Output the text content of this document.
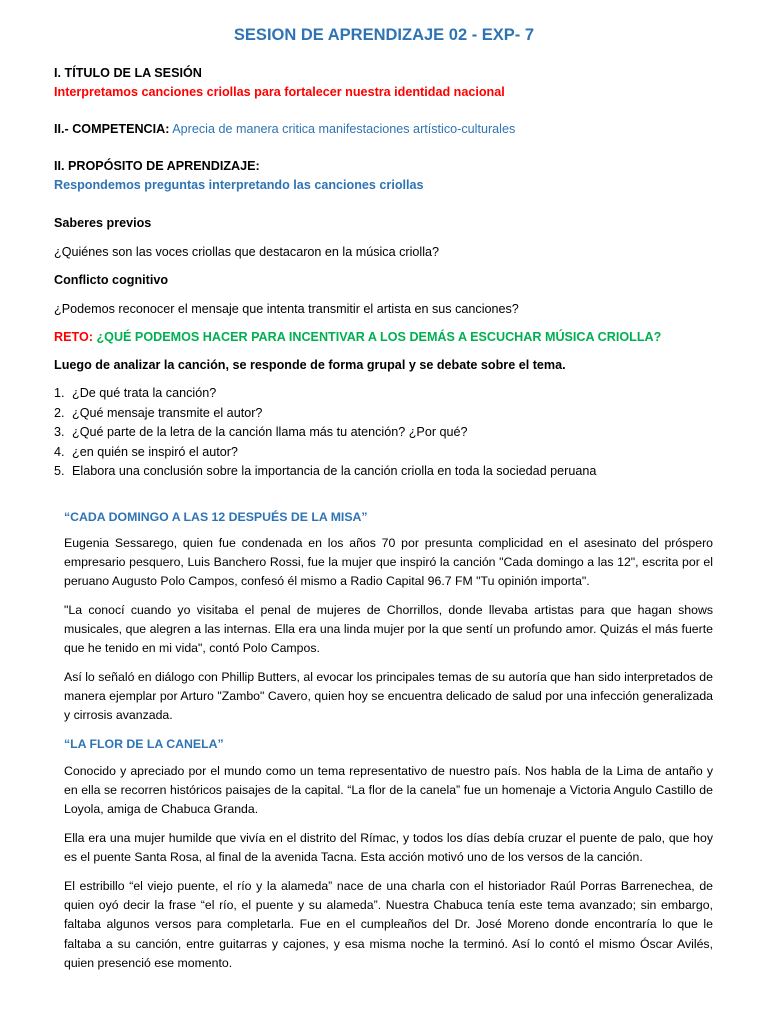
SESION DE APRENDIZAJE 02 - EXP- 7
I. TÍTULO DE LA SESIÓN
Interpretamos canciones criollas para fortalecer nuestra identidad nacional
II.- COMPETENCIA: Aprecia de manera critica manifestaciones artístico-culturales
II. PROPÓSITO DE APRENDIZAJE:
Respondemos preguntas interpretando las canciones criollas
Saberes previos
¿Quiénes son las voces criollas que destacaron en la música criolla?
Conflicto cognitivo
¿Podemos reconocer el mensaje que intenta transmitir el artista en sus canciones?
RETO: ¿QUÉ PODEMOS HACER PARA INCENTIVAR A LOS DEMÁS A ESCUCHAR MÚSICA CRIOLLA?
Luego de analizar la canción, se responde de forma grupal y se debate sobre el tema.
1. ¿De qué trata la canción?
2. ¿Qué mensaje transmite el autor?
3. ¿Qué parte de la letra de la canción llama más tu atención? ¿Por qué?
4. ¿en quién se inspiró el autor?
5. Elabora una conclusión sobre la importancia de la canción criolla en toda la sociedad peruana
“CADA DOMINGO A LAS 12 DESPUÉS DE LA MISA”

Eugenia Sessarego, quien fue condenada en los años 70 por presunta complicidad en el asesinato del próspero empresario pesquero, Luis Banchero Rossi, fue la mujer que inspiró la canción "Cada domingo a las 12", escrita por el peruano Augusto Polo Campos, confesó él mismo a Radio Capital 96.7 FM "Tu opinión importa".

"La conocí cuando yo visitaba el penal de mujeres de Chorrillos, donde llevaba artistas para que hagan shows musicales, que alegren a las internas. Ella era una linda mujer por la que sentí un profundo amor. Quizás el más fuerte que he tenido en mi vida", contó Polo Campos.

Así lo señaló en diálogo con Phillip Butters, al evocar los principales temas de su autoría que han sido interpretados de manera ejemplar por Arturo "Zambo" Cavero, quien hoy se encuentra delicado de salud por una infección generalizada y cirrosis avanzada.

“LA FLOR DE LA CANELA”

Conocido y apreciado por el mundo como un tema representativo de nuestro país. Nos habla de la Lima de antaño y en ella se recorren históricos paisajes de la capital. “La flor de la canela” fue un homenaje a Victoria Angulo Castillo de Loyola, amiga de Chabuca Granda.

Ella era una mujer humilde que vivía en el distrito del Rímac, y todos los días debía cruzar el puente de palo, que hoy es el puente Santa Rosa, al final de la avenida Tacna. Esta acción motivó uno de los versos de la canción.

El estribillo “el viejo puente, el río y la alameda” nace de una charla con el historiador Raúl Porras Barrenechea, de quien oyó decir la frase “el río, el puente y su alameda”. Nuestra Chabuca tenía este tema avanzado; sin embargo, faltaba algunos versos para completarla. Fue en el cumpleaños del Dr. José Moreno donde encontraría lo que le faltaba a su canción, entre guitarras y cajones, y esa misma noche la terminó. Así lo contó el mismo Óscar Avilés, quien presenció ese momento.
